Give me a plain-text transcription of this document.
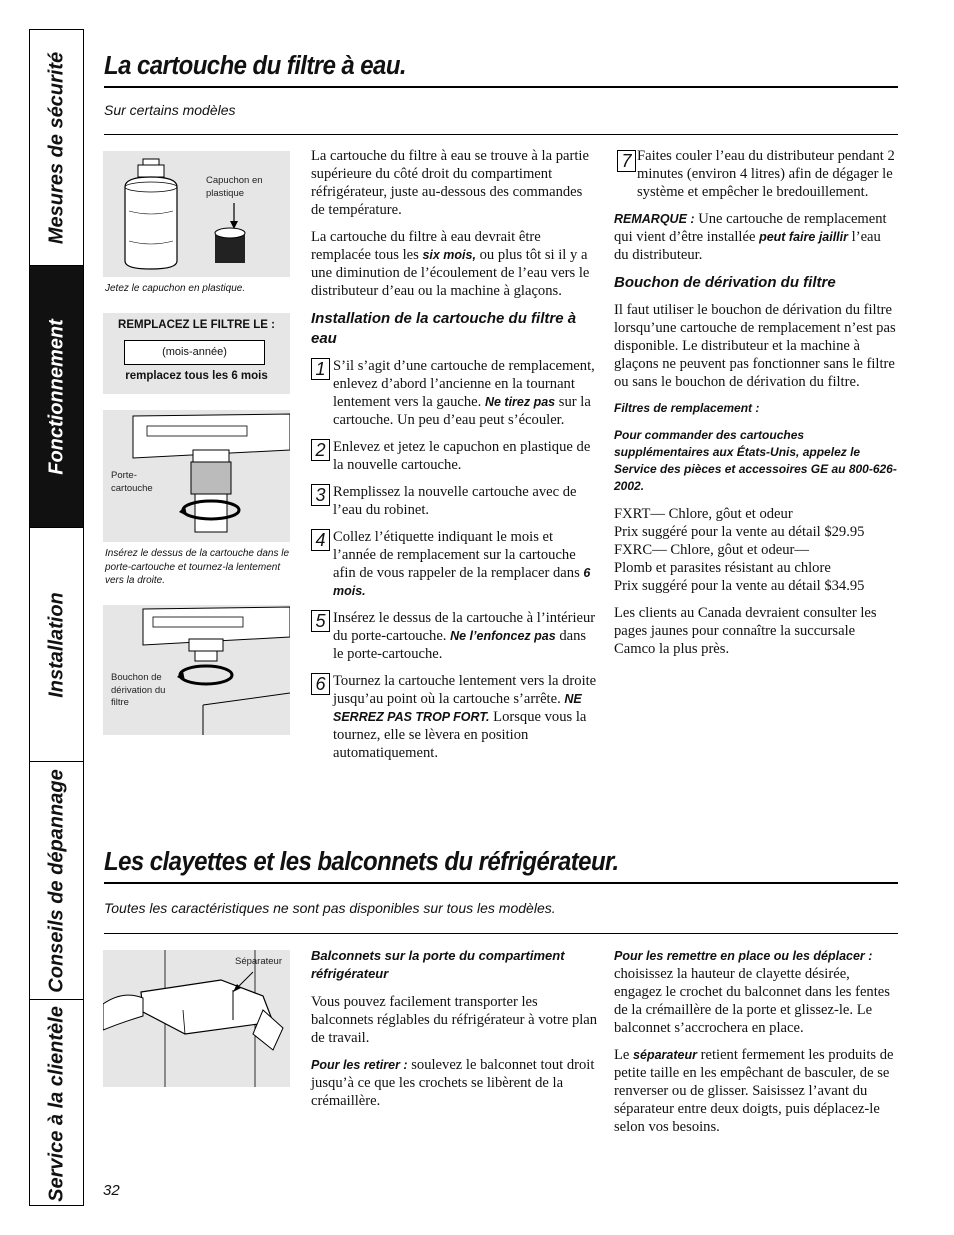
Mesures de sécurité
Fonctionnement
Installation
Conseils de dépannage
Service à la clientèle
La cartouche du filtre à eau.
Sur certains modèles
Capuchon en plastique
Jetez le capuchon en plastique.
REMPLACEZ LE FILTRE LE :
(mois-année)
remplacez tous les 6 mois
Porte-cartouche
Insérez le dessus de la cartouche dans le porte-cartouche et tournez-la lentement vers la droite.
Bouchon de dérivation du filtre

La cartouche du filtre à eau se trouve à la partie supérieure du côté droit du compartiment réfrigérateur, juste au-dessous des commandes de température.

La cartouche du filtre à eau devrait être remplacée tous les six mois, ou plus tôt si il y a une diminution de l’écoulement de l’eau vers le distributeur d’eau ou la machine à glaçons.

Installation de la cartouche du filtre à eau
1 S’il s’agit d’une cartouche de remplacement, enlevez d’abord l’ancienne en la tournant lentement vers la gauche. Ne tirez pas sur la cartouche. Un peu d’eau peut s’écouler.
2 Enlevez et jetez le capuchon en plastique de la nouvelle cartouche.
3 Remplissez la nouvelle cartouche avec de l’eau du robinet.
4 Collez l’étiquette indiquant le mois et l’année de remplacement sur la cartouche afin de vous rappeler de la remplacer dans 6 mois.
5 Insérez le dessus de la cartouche à l’intérieur du porte-cartouche. Ne l’enfoncez pas dans le porte-cartouche.
6 Tournez la cartouche lentement vers la droite jusqu’au point où la cartouche s’arrête. NE SERREZ PAS TROP FORT. Lorsque vous la tournez, elle se lèvera en position automatiquement.

Faites couler l’eau du distributeur pendant 2 minutes (environ 4 litres) afin de dégager le système et empêcher le bredouillement.

REMARQUE : Une cartouche de remplacement qui vient d’être installée peut faire jaillir l’eau du distributeur.

Bouchon de dérivation du filtre

Il faut utiliser le bouchon de dérivation du filtre lorsqu’une cartouche de remplacement n’est pas disponible. Le distributeur et la machine à glaçons ne peuvent pas fonctionner sans le filtre ou sans le bouchon de dérivation du filtre.

Filtres de remplacement :
Pour commander des cartouches supplémentaires aux États-Unis, appelez le Service des pièces et accessoires GE au 800-626-2002.
FXRT— Chlore, gôut et odeur
Prix suggéré pour la vente au détail $29.95
FXRC— Chlore, gôut et odeur—
Plomb et parasites résistant au chlore

Prix suggéré pour la vente au détail $34.95

Les clients au Canada devraient consulter les pages jaunes pour connaître la succursale Camco la plus près.

7
Les clayettes et les balconnets du réfrigérateur.
Toutes les caractéristiques ne sont pas disponibles sur tous les modèles.
Séparateur Balconnets sur la porte du compartiment réfrigérateur

Vous pouvez facilement transporter les balconnets réglables du réfrigérateur à votre plan de travail.

Pour les retirer : soulevez le balconnet tout droit jusqu’à ce que les crochets se libèrent de la crémaillère.

Pour les remettre en place ou les déplacer : choisissez la hauteur de clayette désirée, engagez le crochet du balconnet dans les fentes de la crémaillère de la porte et glissez-le. Le balconnet s’accrochera en place.

Le séparateur retient fermement les produits de petite taille en les empêchant de basculer, de se renverser ou de glisser. Saisissez l’avant du séparateur entre deux doigts, puis déplacez-le selon vos besoins.

32
